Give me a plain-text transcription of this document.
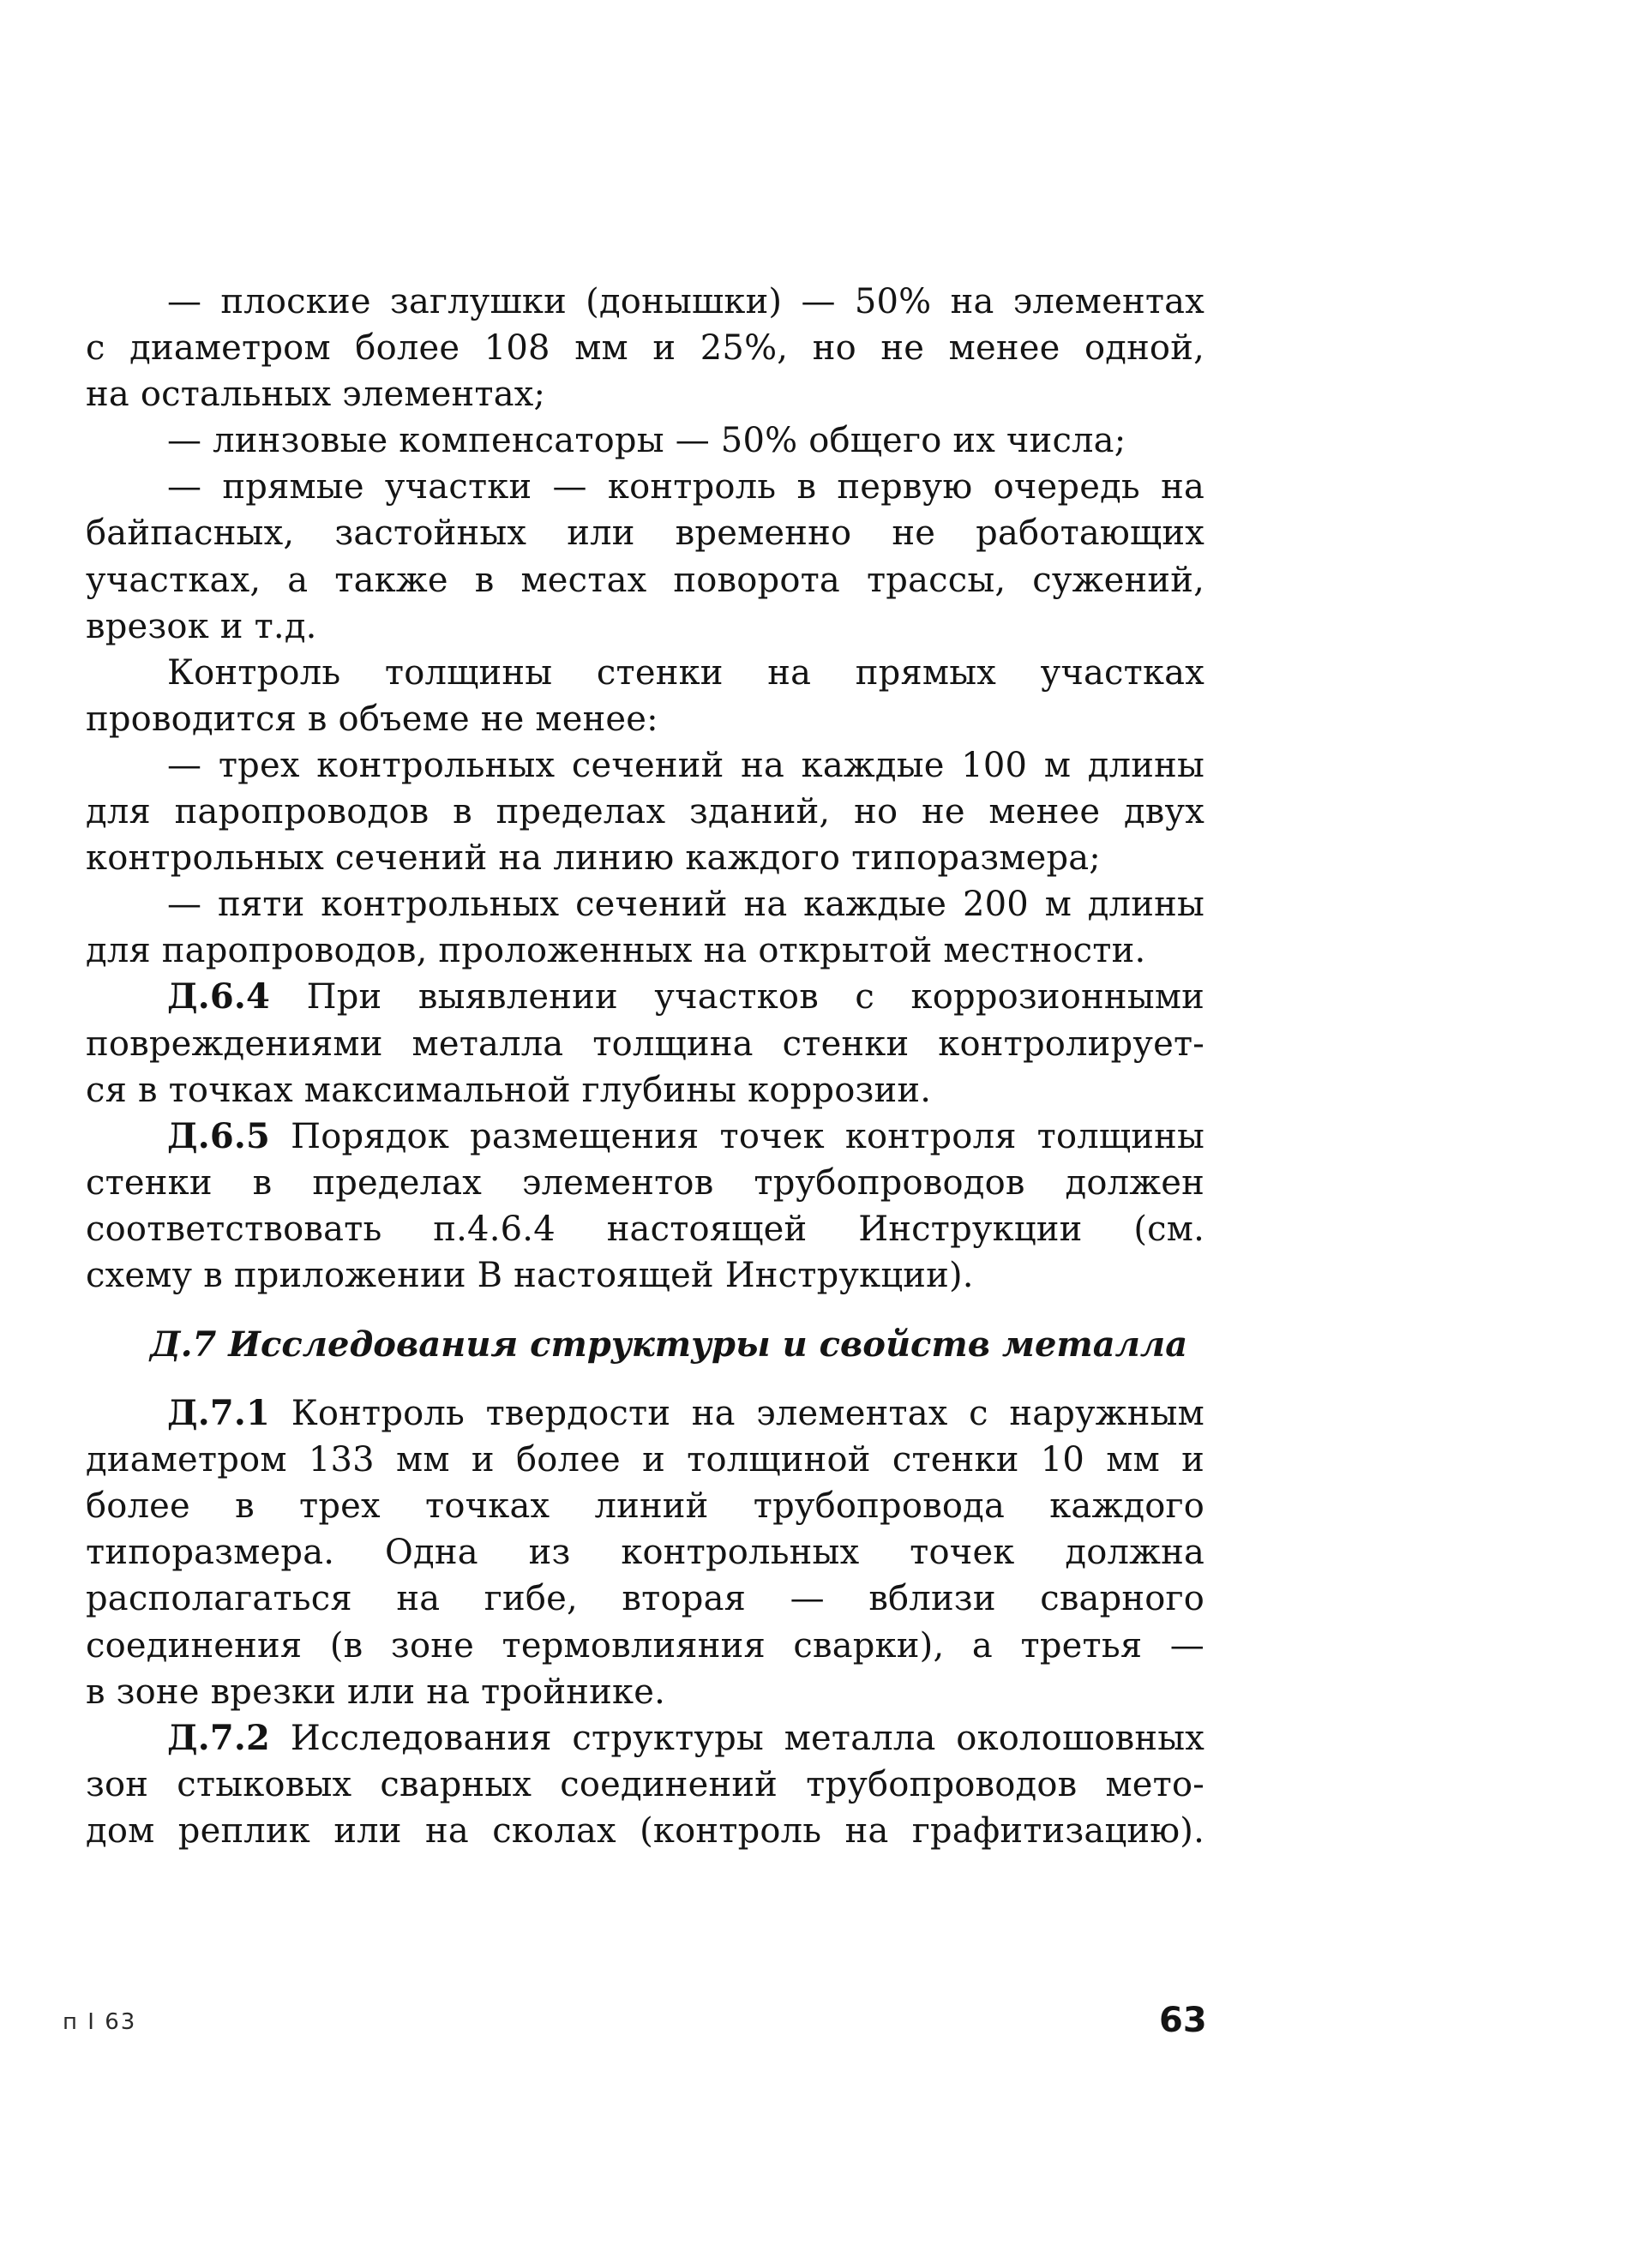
— плоские заглушки (донышки) — 50% на элементах
с диаметром более 108 мм и 25%, но не менее одной,
на остальных элементах;
— линзовые компенсаторы — 50% общего их числа;
— прямые участки — контроль в первую очередь на
байпасных, застойных или временно не работающих
участках, а также в местах поворота трассы, сужений,
врезок и т.д.
Контроль толщины стенки на прямых участках
проводится в объеме не менее:
— трех контрольных сечений на каждые 100 м длины
для паропроводов в пределах зданий, но не менее двух
контрольных сечений на линию каждого типоразмера;
— пяти контрольных сечений на каждые 200 м длины
для паропроводов, проложенных на открытой местности.
Д.6.4 При выявлении участков с коррозионными
повреждениями металла толщина стенки контролирует-
ся в точках максимальной глубины коррозии.
Д.6.5 Порядок размещения точек контроля толщины
стенки в пределах элементов трубопроводов должен
соответствовать п.4.6.4 настоящей Инструкции (см.
схему в приложении В настоящей Инструкции).
Д.7 Исследования структуры и свойств металла
Д.7.1 Контроль твердости на элементах с наружным
диаметром 133 мм и более и толщиной стенки 10 мм и
более в трех точках линий трубопровода каждого
типоразмера. Одна из контрольных точек должна
располагаться на гибе, вторая — вблизи сварного
соединения (в зоне термовлияния сварки), а третья —
в зоне врезки или на тройнике.
Д.7.2 Исследования структуры металла околошовных
зон стыковых сварных соединений трубопроводов мето-
дом реплик или на сколах (контроль на графитизацию).
п I 63	63
